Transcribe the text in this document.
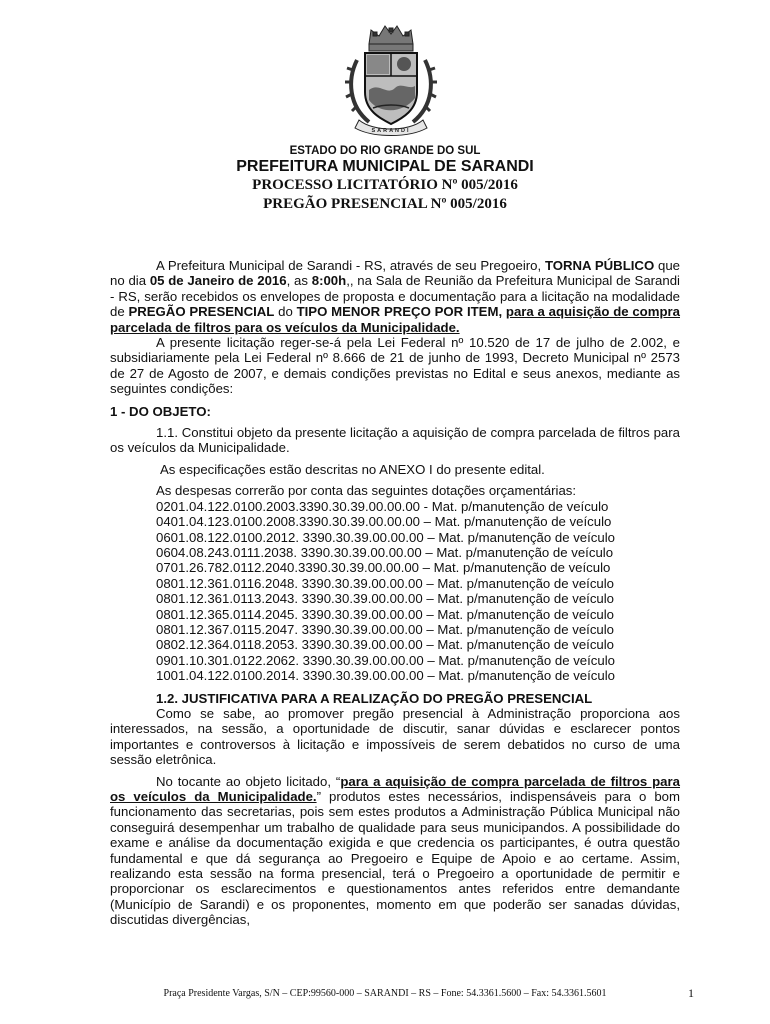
SARANDI
ESTADO DO RIO GRANDE DO SUL
PREFEITURA MUNICIPAL DE SARANDI
PROCESSO LICITATÓRIO Nº 005/2016
PREGÃO PRESENCIAL Nº 005/2016

A Prefeitura Municipal de Sarandi - RS, através de seu Pregoeiro, TORNA PÚBLICO que no dia 05 de Janeiro de 2016, as 8:00h,, na Sala de Reunião da Prefeitura Municipal de Sarandi - RS, serão recebidos os envelopes de proposta e documentação para a licitação na modalidade de PREGÃO PRESENCIAL do TIPO MENOR PREÇO POR ITEM, para a aquisição de compra parcelada de filtros para os veículos da Municipalidade.

A presente licitação reger-se-á pela Lei Federal nº 10.520 de 17 de julho de 2.002, e subsidiariamente pela Lei Federal nº 8.666 de 21 de junho de 1993, Decreto Municipal nº 2573 de 27 de Agosto de 2007, e demais condições previstas no Edital e seus anexos, mediante as seguintes condições:

1 - DO OBJETO:

1.1. Constitui objeto da presente licitação a aquisição de compra parcelada de filtros para os veículos da Municipalidade.

As especificações estão descritas no ANEXO I do presente edital.

As despesas correrão por conta das seguintes dotações orçamentárias:

0201.04.122.0100.2003.3390.30.39.00.00.00 - Mat. p/manutenção de veículo

0401.04.123.0100.2008.3390.30.39.00.00.00 – Mat. p/manutenção de veículo

0601.08.122.0100.2012. 3390.30.39.00.00.00 – Mat. p/manutenção de veículo

0604.08.243.0111.2038. 3390.30.39.00.00.00 – Mat. p/manutenção de veículo

0701.26.782.0112.2040.3390.30.39.00.00.00 – Mat. p/manutenção de veículo

0801.12.361.0116.2048. 3390.30.39.00.00.00 – Mat. p/manutenção de veículo

0801.12.361.0113.2043. 3390.30.39.00.00.00 – Mat. p/manutenção de veículo

0801.12.365.0114.2045. 3390.30.39.00.00.00 – Mat. p/manutenção de veículo

0801.12.367.0115.2047. 3390.30.39.00.00.00 – Mat. p/manutenção de veículo

0802.12.364.0118.2053. 3390.30.39.00.00.00 – Mat. p/manutenção de veículo

0901.10.301.0122.2062. 3390.30.39.00.00.00 – Mat. p/manutenção de veículo

1001.04.122.0100.2014. 3390.30.39.00.00.00 – Mat. p/manutenção de veículo

1.2. JUSTIFICATIVA PARA A REALIZAÇÃO DO PREGÃO PRESENCIAL

Como se sabe, ao promover pregão presencial à Administração proporciona aos interessados, na sessão, a oportunidade de discutir, sanar dúvidas e esclarecer pontos importantes e controversos à licitação e impossíveis de serem debatidos no curso de uma sessão eletrônica.

No tocante ao objeto licitado, “para a aquisição de compra parcelada de filtros para os veículos da Municipalidade.” produtos estes necessários, indispensáveis para o bom funcionamento das secretarias, pois sem estes produtos a Administração Pública Municipal não conseguirá desempenhar um trabalho de qualidade para seus municipandos. A possibilidade do exame e análise da documentação exigida e que credencia os participantes, é outra questão fundamental e que dá segurança ao Pregoeiro e Equipe de Apoio e ao certame. Assim, realizando esta sessão na forma presencial, terá o Pregoeiro a oportunidade de permitir e proporcionar os esclarecimentos e questionamentos antes referidos entre demandante (Município de Sarandi) e os proponentes, momento em que poderão ser sanadas dúvidas, discutidas divergências,

Praça Presidente Vargas, S/N – CEP:99560-000 – SARANDI – RS – Fone: 54.3361.5600 – Fax: 54.3361.5601	1
